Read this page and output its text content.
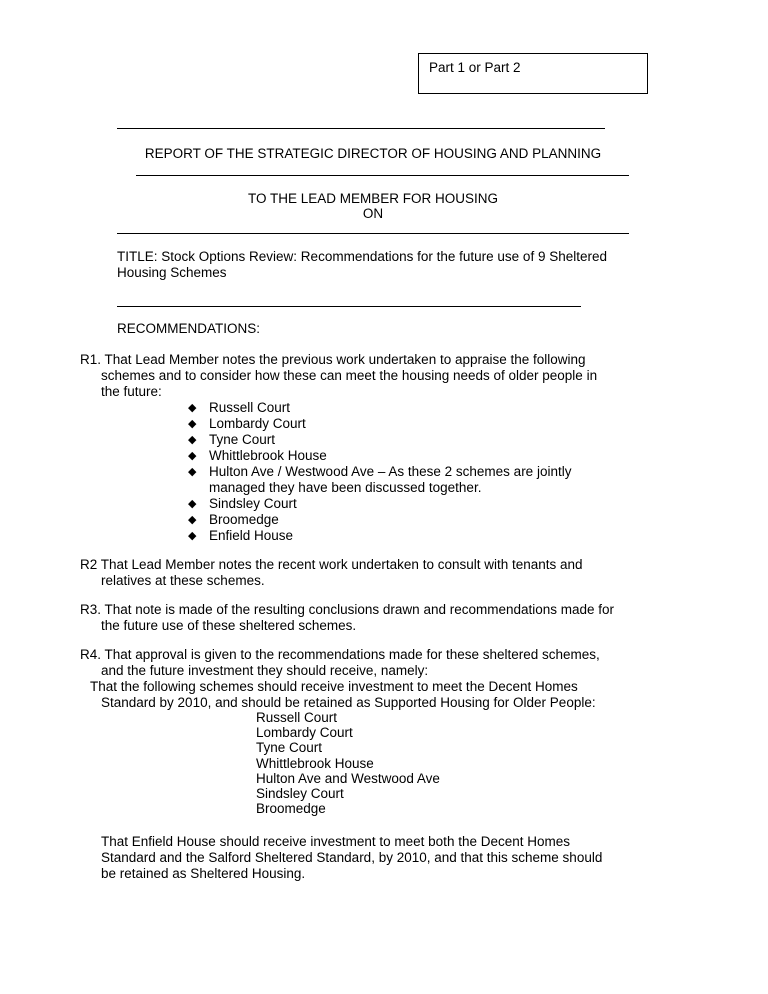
Part 1 or Part 2
REPORT OF THE STRATEGIC DIRECTOR OF HOUSING AND PLANNING
TO THE LEAD MEMBER FOR HOUSING
ON
TITLE: Stock Options Review: Recommendations for the future use of 9 Sheltered
Housing Schemes
RECOMMENDATIONS:
R1. That Lead Member notes the previous work undertaken to appraise the following
schemes and to consider how these can meet the housing needs of older people in
the future:
◆ Russell Court
◆ Lombardy Court
◆ Tyne Court
◆ Whittlebrook House
◆ Hulton Ave / Westwood Ave – As these 2 schemes are jointly
managed they have been discussed together.
◆ Sindsley Court
◆ Broomedge
◆ Enfield House
R2 That Lead Member notes the recent work undertaken to consult with tenants and
relatives at these schemes.
R3. That note is made of the resulting conclusions drawn and recommendations made for
the future use of these sheltered schemes.
R4. That approval is given to the recommendations made for these sheltered schemes,
and the future investment they should receive, namely:
That the following schemes should receive investment to meet the Decent Homes
Standard by 2010, and should be retained as Supported Housing for Older People:
Russell Court
Lombardy Court
Tyne Court
Whittlebrook House
Hulton Ave and Westwood Ave
Sindsley Court
Broomedge
That Enfield House should receive investment to meet both the Decent Homes
Standard and the Salford Sheltered Standard, by 2010, and that this scheme should
be retained as Sheltered Housing.
